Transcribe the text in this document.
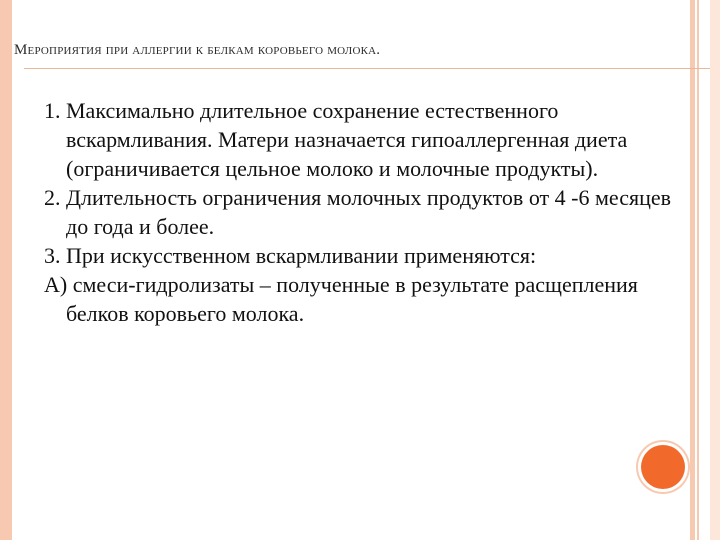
Мероприятия при аллергии к белкам коровьего молока.

1. Максимально длительное сохранение естественного вскармливания. Матери назначается гипоаллергенная диета (ограничивается цельное молоко и молочные продукты).

2. Длительность ограничения молочных продуктов от 4 -6 месяцев до года и более.

3. При искусственном вскармливании применяются:

А) смеси-гидролизаты – полученные в результате расщепления белков коровьего молока.
